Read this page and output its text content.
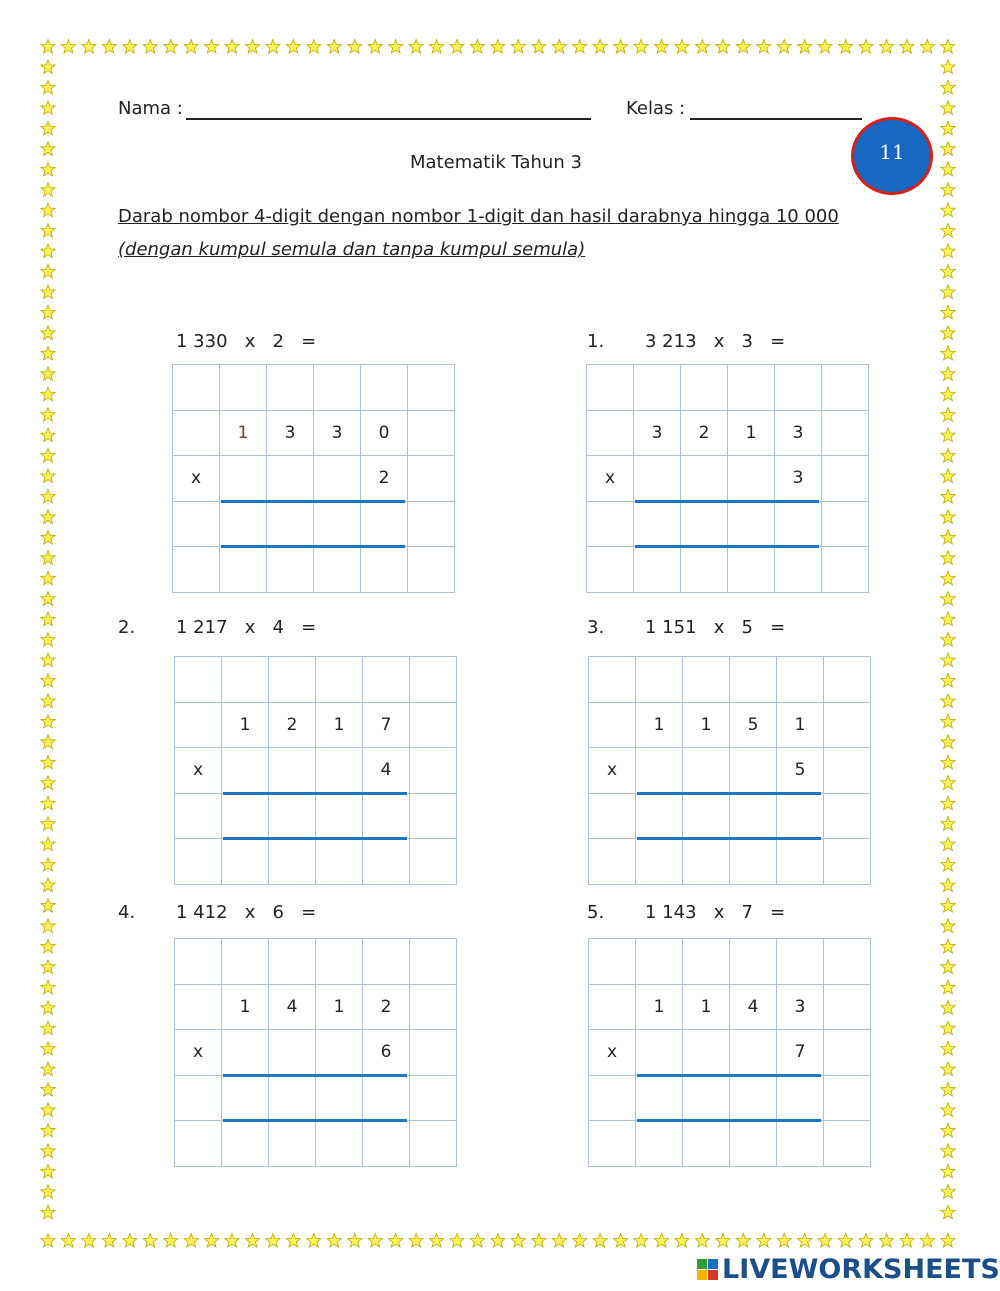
Nama :	Kelas :
11
Matematik Tahun 3
Darab nombor 4-digit dengan nombor 1-digit dan hasil darabnya hingga 10 000
(dengan kumpul semula dan tanpa kumpul semula)
1 330   x   2   =
1	3	3	0
x	2
1. 3 213   x   3   =
3	2	1	3
x	3
2. 1 217   x   4   =
1	2	1	7
x	4
3. 1 151   x   5   =
1	1	5	1
x	5
4. 1 412   x   6   =
1	4	1	2
x	6
5. 1 143   x   7   =
1	1	4	3
x	7
LIVEWORKSHEETS
